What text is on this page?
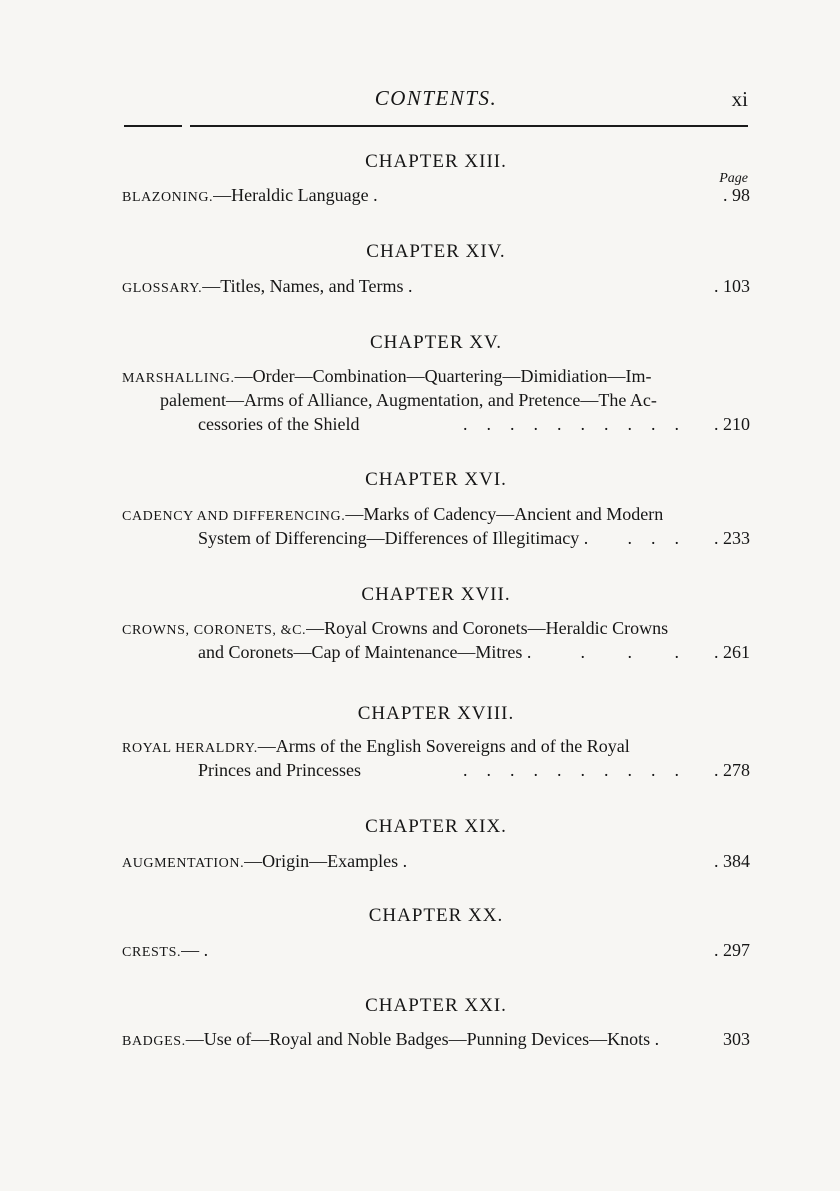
CONTENTS.	xi
Page
CHAPTER XIII.
BLAZONING.—Heraldic Language .	. 98
CHAPTER XIV.
GLOSSARY.—Titles, Names, and Terms .	. 103
CHAPTER XV.
MARSHALLING.—Order—Combination—Quartering—Dimidiation—Im-
palement—Arms of Alliance, Augmentation, and Pretence—The Ac-
cessories of the Shield	.......... . 210
CHAPTER XVI.
CADENCY AND DIFFERENCING.—Marks of Cadency—Ancient and Modern
System of Differencing—Differences of Illegitimacy . ... . 233
CHAPTER XVII.
CROWNS, CORONETS, &C.—Royal Crowns and Coronets—Heraldic Crowns
and Coronets—Cap of Maintenance—Mitres .	. . . . 261
CHAPTER XVIII.
ROYAL HERALDRY.—Arms of the English Sovereigns and of the Royal
Princes and Princesses	.......... . 278
CHAPTER XIX.
AUGMENTATION.—Origin—Examples .	. 384
CHAPTER XX.
CRESTS.— .	. 297
CHAPTER XXI.
BADGES.—Use of—Royal and Noble Badges—Punning Devices—Knots .	303
